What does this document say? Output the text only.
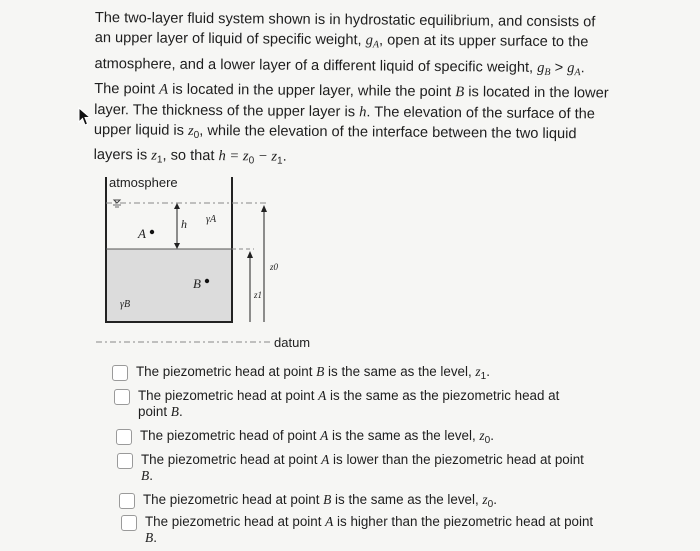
The two-layer fluid system shown is in hydrostatic equilibrium, and consists of
an upper layer of liquid of specific weight, $g_A$, open at its upper surface to the
atmosphere, and a lower layer of a different liquid of specific weight, $g_B > g_A$.
The point A is located in the upper layer, while the point B is located in the lower
layer. The thickness of the upper layer is h. The elevation of the surface of the
upper liquid is $z_0$, while the elevation of the interface between the two liquid
layers is $z_1$, so that $h = z_0 - z_1$.
atmosphere
A
B
h γA
γB
z0
z1
datum
The piezometric head at point B is the same as the level, $z_1$.
The piezometric head at point A is the same as the piezometric head at
point B.
The piezometric head of point A is the same as the level, $z_0$.
The piezometric head at point A is lower than the piezometric head at point
B.
The piezometric head at point B is the same as the level, $z_0$.
The piezometric head at point A is higher than the piezometric head at point
B.
